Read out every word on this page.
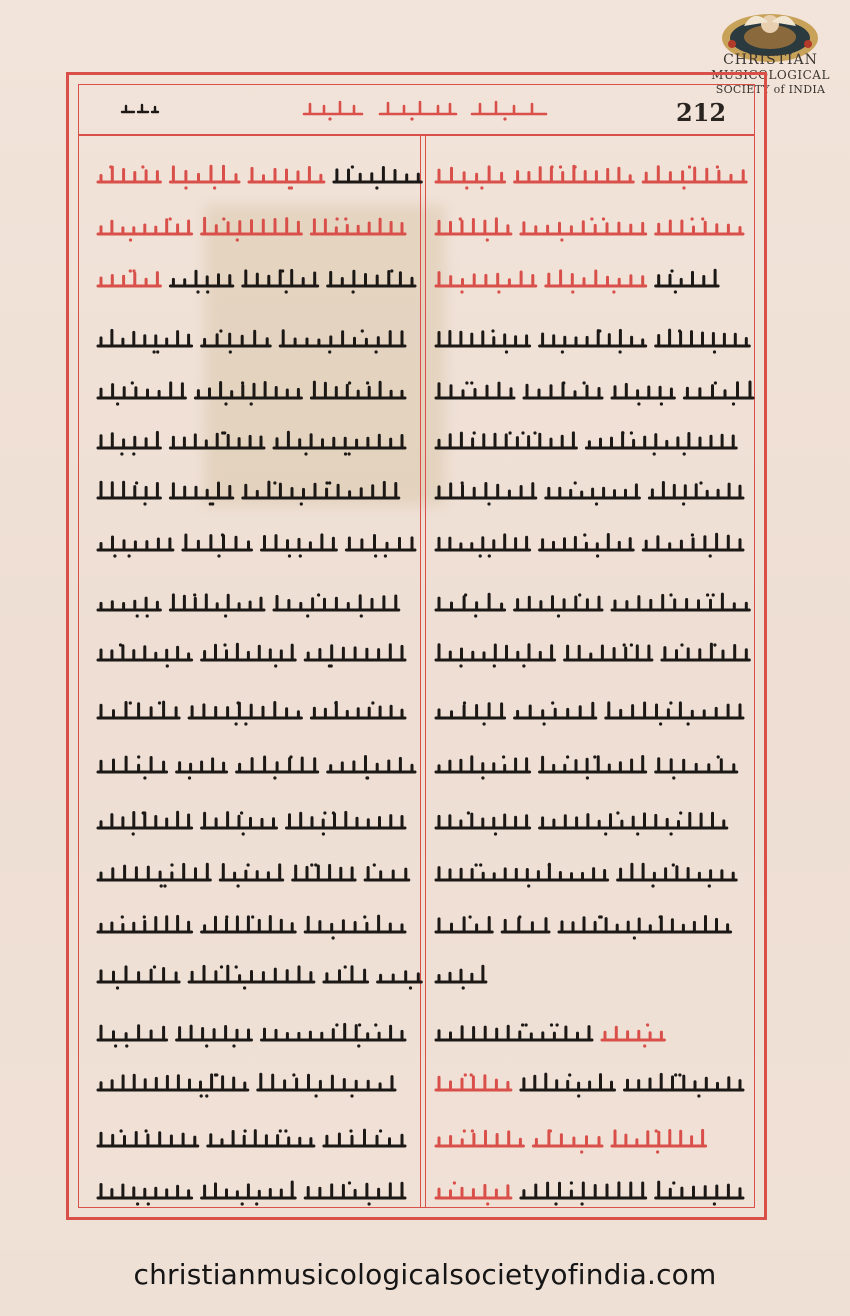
CHRISTIAN
MUSICOLOGICAL
SOCIETY of INDIA
212
christianmusicologicalsocietyofindia.com
